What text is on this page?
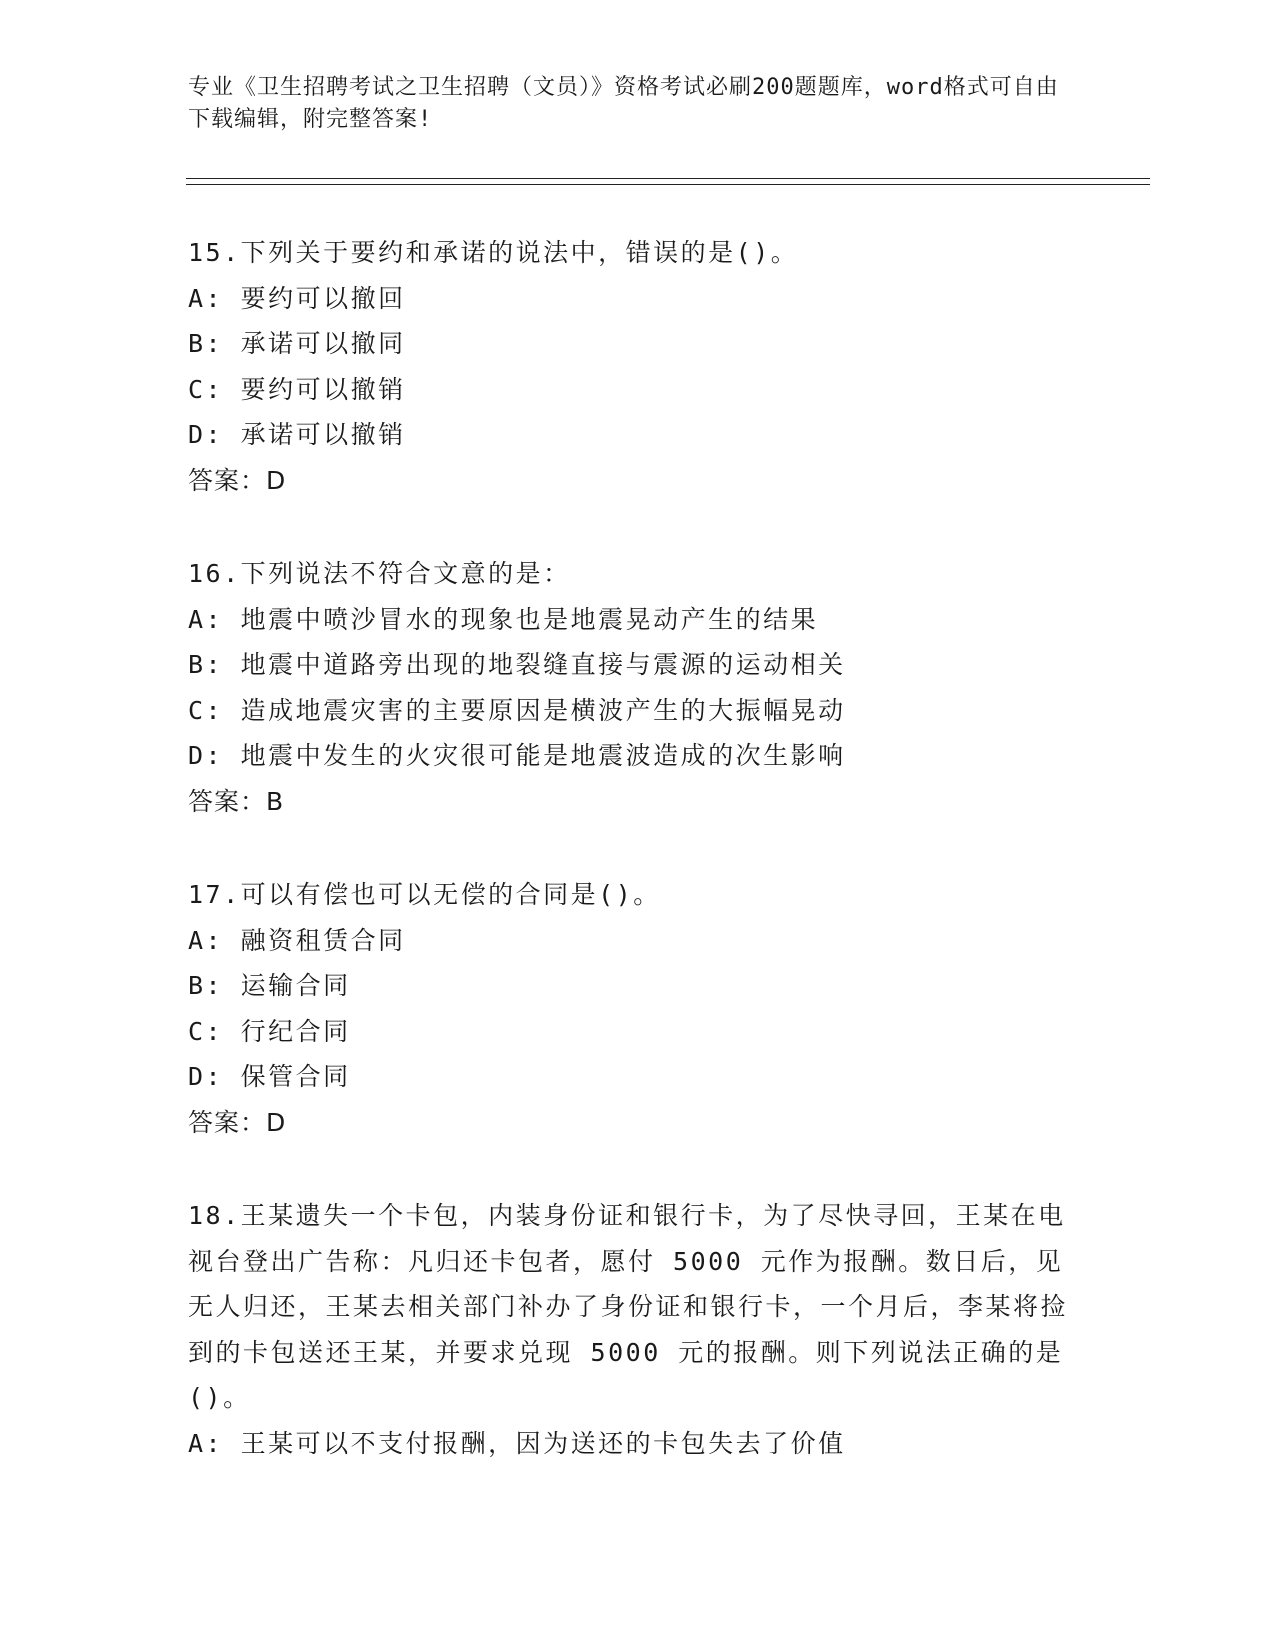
专业《卫生招聘考试之卫生招聘（文员）》资格考试必刷200题题库，word格式可自由下载编辑，附完整答案!
15.下列关于要约和承诺的说法中，错误的是()。
A: 要约可以撤回
B: 承诺可以撤同
C: 要约可以撤销
D: 承诺可以撤销
答案：D
16.下列说法不符合文意的是：
A: 地震中喷沙冒水的现象也是地震晃动产生的结果
B: 地震中道路旁出现的地裂缝直接与震源的运动相关
C: 造成地震灾害的主要原因是横波产生的大振幅晃动
D: 地震中发生的火灾很可能是地震波造成的次生影响
答案：B
17.可以有偿也可以无偿的合同是()。
A: 融资租赁合同
B: 运输合同
C: 行纪合同
D: 保管合同
答案：D
18.王某遗失一个卡包，内装身份证和银行卡，为了尽快寻回，王某在电视台登出广告称：凡归还卡包者，愿付 5000 元作为报酬。数日后，见无人归还，王某去相关部门补办了身份证和银行卡，一个月后，李某将捡到的卡包送还王某，并要求兑现 5000 元的报酬。则下列说法正确的是()。
A: 王某可以不支付报酬，因为送还的卡包失去了价值
